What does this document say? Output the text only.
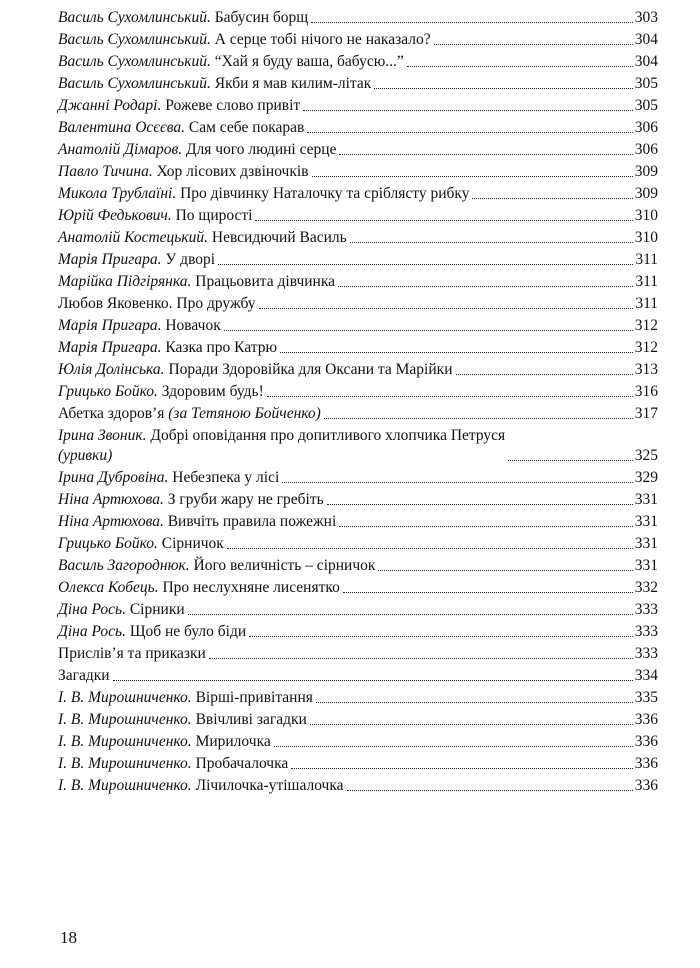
Василь Сухомлинський. Бабусин борщ	303
Василь Сухомлинський. А серце тобі нічого не наказало?	304
Василь Сухомлинський. “Хай я буду ваша, бабусю...”	304
Василь Сухомлинський. Якби я мав килим-літак	305
Джанні Родарі. Рожеве слово привіт	305
Валентина Осєєва. Сам себе покарав	306
Анатолій Дімаров. Для чого людині серце	306
Павло Тичина. Хор лісових дзвіночків	309
Микола Трублаїні. Про дівчинку Наталочку та сріблясту рибку	309
Юрій Федькович. По щирості	310
Анатолій Костецький. Невсидючий Василь	310
Марія Пригара. У дворі	311
Марійка Підгірянка. Працьовита дівчинка	311
Любов Яковенко. Про дружбу	311
Марія Пригара. Новачок	312
Марія Пригара. Казка про Катрю	312
Юлія Долінська. Поради Здоровійка для Оксани та Марійки	313
Грицько Бойко. Здоровим будь!	316
Абетка здоров’я (за Тетяною Бойченко)	317
Ірина Звоник. Добрі оповідання про допитливого хлопчика Петруся
(уривки)	325
Ірина Дубровіна. Небезпека у лісі	329
Ніна Артюхова. З груби жару не гребіть	331
Ніна Артюхова. Вивчіть правила пожежні	331
Грицько Бойко. Сірничок	331
Василь Загороднюк. Його величність – сірничок	331
Олекса Кобець. Про неслухняне лисенятко	332
Діна Рось. Сірники	333
Діна Рось. Щоб не було біди	333
Прислів’я та приказки	333
Загадки	334
І. В. Мирошниченко. Вірші-привітання	335
І. В. Мирошниченко. Ввічливі загадки	336
І. В. Мирошниченко. Мирилочка	336
І. В. Мирошниченко. Пробачалочка	336
І. В. Мирошниченко. Лічилочка-утішалочка	336
18
